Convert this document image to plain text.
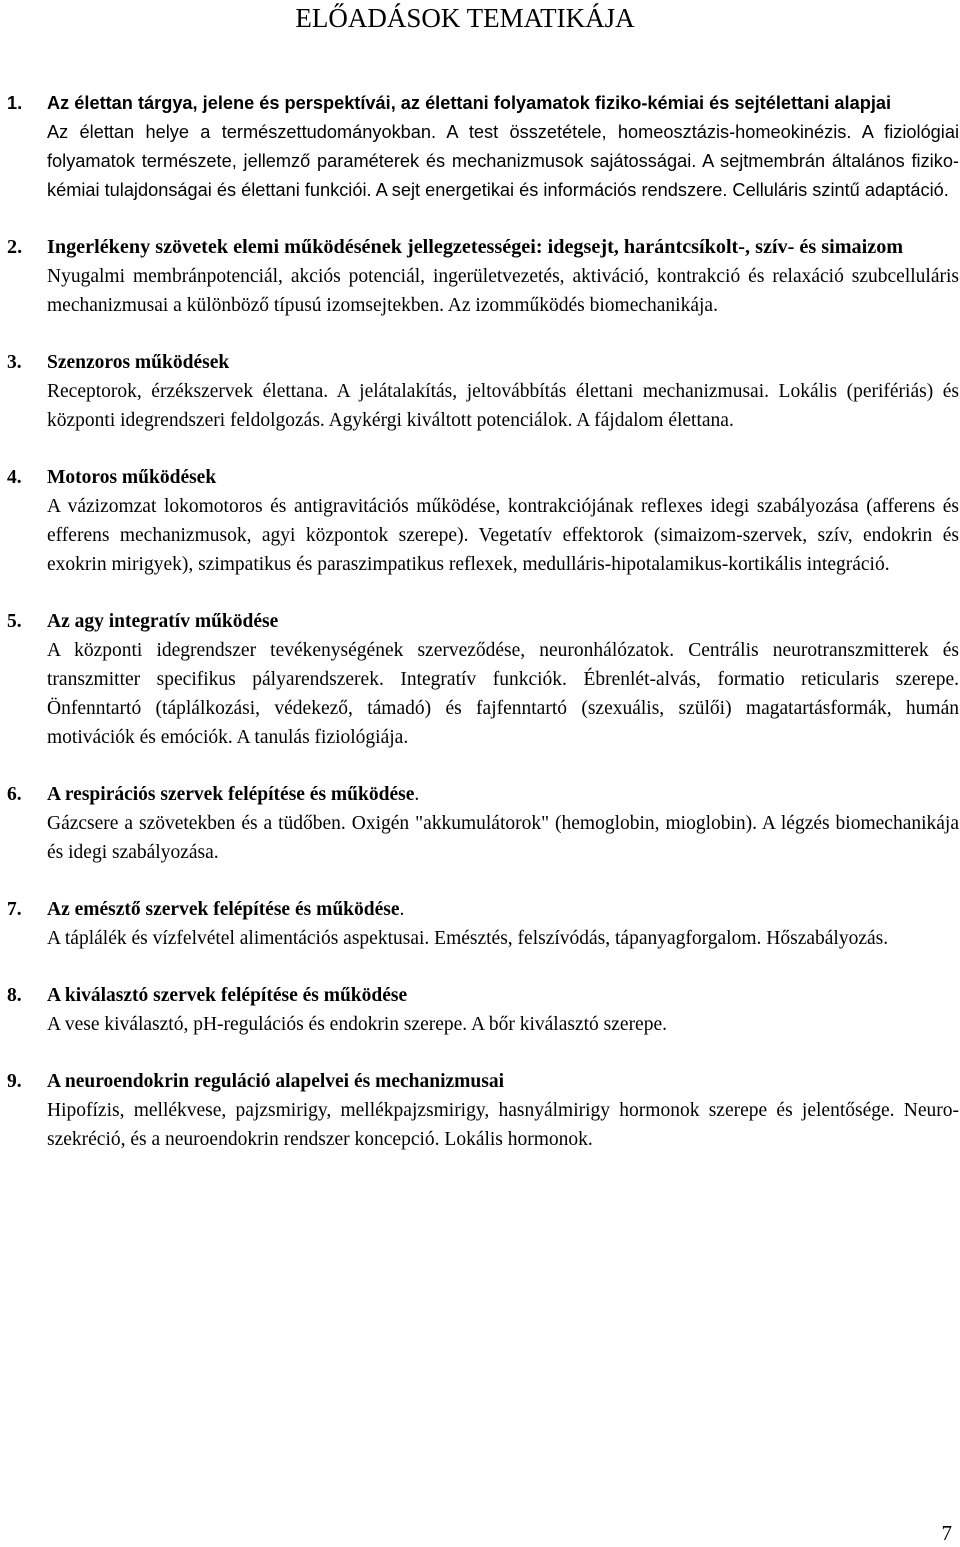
ELŐADÁSOK TEMATIKÁJA
1. Az élettan tárgya, jelene és perspektívái, az élettani folyamatok fiziko-kémiai és sejtélettani alapjai

Az élettan helye a természettudományokban. A test összetétele, homeosztázis-homeokinézis. A fiziológiai folyamatok természete, jellemző paraméterek és mechanizmusok sajátosságai. A sejtmembrán általános fiziko-kémiai tulajdonságai és élettani funkciói. A sejt energetikai és információs rendszere. Celluláris szintű adaptáció.

2. Ingerlékeny szövetek elemi működésének jellegzetességei: idegsejt, harántcsíkolt-, szív- és simaizom

Nyugalmi membránpotenciál, akciós potenciál, ingerületvezetés, aktiváció, kontrakció és relaxáció szubcelluláris mechanizmusai a különböző típusú izomsejtekben. Az izomműködés biomechanikája.

3. Szenzoros működések

Receptorok, érzékszervek élettana. A jelátalakítás, jeltovábbítás élettani mechanizmusai. Lokális (perifériás) és központi idegrendszeri feldolgozás. Agykérgi kiváltott potenciálok. A fájdalom élettana.

4. Motoros működések

A vázizomzat lokomotoros és antigravitációs működése, kontrakciójának reflexes idegi szabályozása (afferens és efferens mechanizmusok, agyi központok szerepe). Vegetatív effektorok (simaizom-szervek, szív, endokrin és exokrin mirigyek), szimpatikus és paraszimpatikus reflexek, medulláris-hipotalamikus-kortikális integráció.

5. Az agy integratív működése

A központi idegrendszer tevékenységének szerveződése, neuronhálózatok. Centrális neurotranszmitterek és transzmitter specifikus pályarendszerek. Integratív funkciók. Ébrenlét-alvás, formatio reticularis szerepe. Önfenntartó (táplálkozási, védekező, támadó) és fajfenntartó (szexuális, szülői) magatartásformák, humán motivációk és emóciók. A tanulás fiziológiája.

6. A respirációs szervek felépítése és működése.

Gázcsere a szövetekben és a tüdőben. Oxigén "akkumulátorok" (hemoglobin, mioglobin). A légzés biomechanikája és idegi szabályozása.

7. Az emésztő szervek felépítése és működése.

A táplálék és vízfelvétel alimentációs aspektusai. Emésztés, felszívódás, tápanyagforgalom. Hőszabályozás.

8. A kiválasztó szervek felépítése és működése

A vese kiválasztó, pH-regulációs és endokrin szerepe. A bőr kiválasztó szerepe.

9. A neuroendokrin reguláció alapelvei és mechanizmusai

Hipofízis, mellékvese, pajzsmirigy, mellékpajzsmirigy, hasnyálmirigy hormonok szerepe és jelentősége. Neuro-szekréció, és a neuroendokrin rendszer koncepció. Lokális hormonok.

7
